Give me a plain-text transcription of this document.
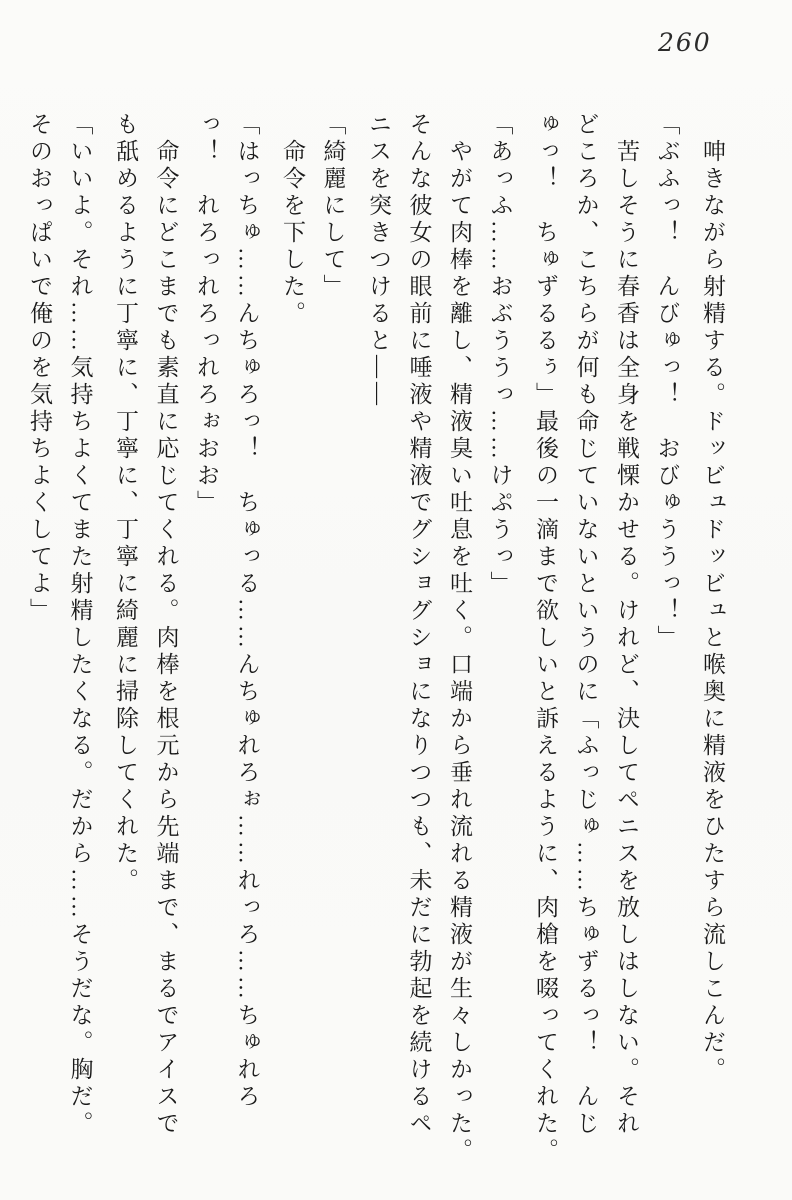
260

　呻きながら射精する。ドッビュドッビュと喉奥に精液をひたすら流しこんだ。

「ぶふっ！　んびゅっ！　おびゅううっ！」

　苦しそうに春香は全身を戦慄かせる。けれど、決してペニスを放しはしない。それ

どころか、こちらが何も命じていないというのに「ふっじゅ……ちゅずるっ！　んじ

ゅっ！　ちゅずるるぅ」最後の一滴まで欲しいと訴えるように、肉槍を啜ってくれた。

「あっふ……おぶううっ……けぷうっ」

　やがて肉棒を離し、精液臭い吐息を吐く。口端から垂れ流れる精液が生々しかった。

そんな彼女の眼前に唾液や精液でグショグショになりつつも、未だに勃起を続けるペ

ニスを突きつけると――

「綺麗にして」

　命令を下した。

「はっちゅ……んちゅろっ！　ちゅっる……んちゅれろぉ……れっろ……ちゅれろ

っ！　れろっれろっれろぉおお」

　命令にどこまでも素直に応じてくれる。肉棒を根元から先端まで、まるでアイスで

も舐めるように丁寧に、丁寧に、丁寧に綺麗に掃除してくれた。

「いいよ。それ……気持ちよくてまた射精したくなる。だから……そうだな。胸だ。

そのおっぱいで俺のを気持ちよくしてよ」
